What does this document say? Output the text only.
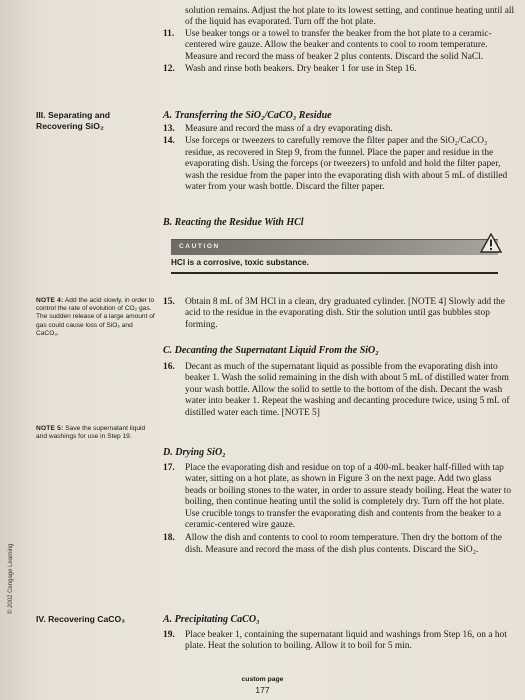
solution remains. Adjust the hot plate to its lowest setting, and continue heating until all of the liquid has evaporated. Turn off the hot plate.

11. Use beaker tongs or a towel to transfer the beaker from the hot plate to a ceramic-centered wire gauze. Allow the beaker and contents to cool to room temperature. Measure and record the mass of beaker 2 plus contents. Discard the solid NaCl.

12. Wash and rinse both beakers. Dry beaker 1 for use in Step 16.

III. Separating and
Recovering SiO₂
A. Transferring the SiO₂/CaCO₃ Residue

13. Measure and record the mass of a dry evaporating dish.

14. Use forceps or tweezers to carefully remove the filter paper and the SiO₂/CaCO₃ residue, as recovered in Step 9, from the funnel. Place the paper and residue in the evaporating dish. Using the forceps (or tweezers) to unfold and hold the filter paper, wash the residue from the paper into the evaporating dish with about 5 mL of distilled water from your wash bottle. Discard the filter paper.

B. Reacting the Residue With HCl
CAUTION
HCl is a corrosive, toxic substance.
NOTE 4: Add the acid slowly, in order to control the rate of evolution of CO₂ gas. The sudden release of a large amount of gas could cause loss of SiO₂ and CaCO₃.

15. Obtain 8 mL of 3M HCl in a clean, dry graduated cylinder. [NOTE 4] Slowly add the acid to the residue in the evaporating dish. Stir the solution until gas bubbles stop forming.

C. Decanting the Supernatant Liquid From the SiO₂

16. Decant as much of the supernatant liquid as possible from the evaporating dish into beaker 1. Wash the solid remaining in the dish with about 5 mL of distilled water from your wash bottle. Allow the solid to settle to the bottom of the dish. Decant the wash water into beaker 1. Repeat the washing and decanting procedure twice, using 5 mL of distilled water each time. [NOTE 5]

NOTE 5: Save the supernatant liquid and washings for use in Step 19.
D. Drying SiO₂

17. Place the evaporating dish and residue on top of a 400-mL beaker half-filled with tap water, sitting on a hot plate, as shown in Figure 3 on the next page. Add two glass beads or boiling stones to the water, in order to assure steady boiling. Heat the water to boiling, then continue heating until the solid is completely dry. Turn off the hot plate. Use crucible tongs to transfer the evaporating dish and contents from the beaker to a ceramic-centered wire gauze.

18. Allow the dish and contents to cool to room temperature. Then dry the bottom of the dish. Measure and record the mass of the dish plus contents. Discard the SiO₂.

IV. Recovering CaCO₃	A. Precipitating CaCO₃

19. Place beaker 1, containing the supernatant liquid and washings from Step 16, on a hot plate. Heat the solution to boiling. Allow it to boil for 5 min.

© 2002 Cengage Learning
custom page
177
